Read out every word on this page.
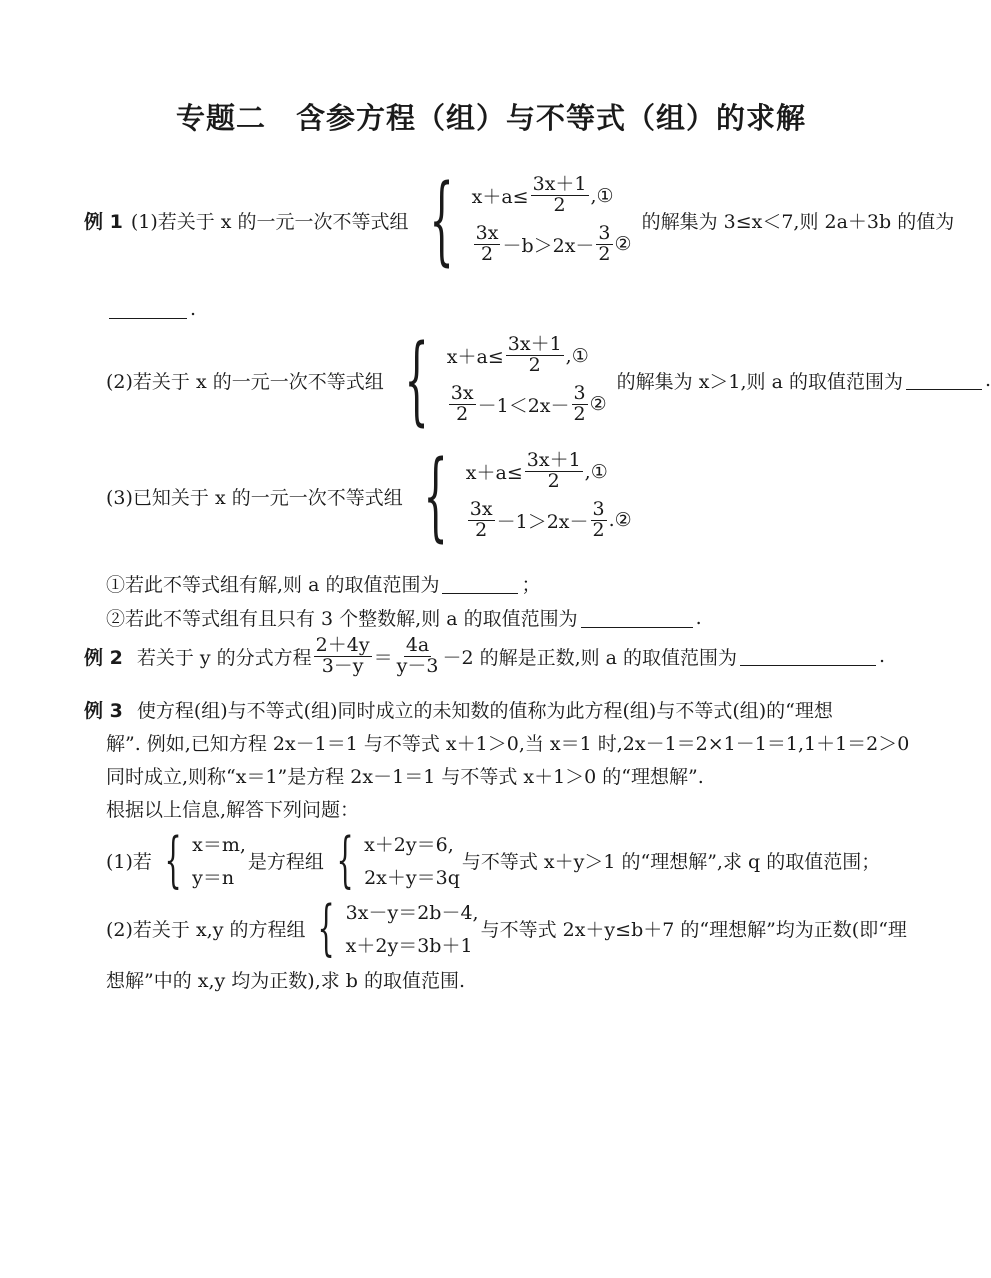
专题二　含参方程（组）与不等式（组）的求解
例 1 (1)若关于 x 的一元一次不等式组 { $x+a\le \frac{3x+1}{2}$ ,①
$\frac{3x}{2} -b>2x- \frac{3}{2}$ ②
的解集为 3≤x＜7,则 2a＋3b 的值为
.
(2)若关于 x 的一元一次不等式组 { $x+a\le \frac{3x+1}{2}$ ,①
$\frac{3x}{2} -1<2x- \frac{3}{2}$ ②
的解集为 x＞1,则 a 的取值范围为	.
(3)已知关于 x 的一元一次不等式组 { $x+a\le \frac{3x+1}{2}$ ,①
$\frac{3x}{2} -1>2x- \frac{3}{2}$ .②
①若此不等式组有解,则 a 的取值范围为	；
②若此不等式组有且只有 3 个整数解,则 a 的取值范围为	.
例 2 若关于 y 的分式方程 $\frac{2+4y}{3-y} = \frac{4a}{y-3} -2$ 的解是正数,则 a 的取值范围为	.
例 3 使方程(组)与不等式(组)同时成立的未知数的值称为此方程(组)与不等式(组)的“理想
解”. 例如,已知方程 2x－1＝1 与不等式 x＋1＞0,当 x＝1 时,2x－1＝2×1－1＝1,1＋1＝2＞0
同时成立,则称“x＝1”是方程 2x－1＝1 与不等式 x＋1＞0 的“理想解”.
根据以上信息,解答下列问题：
(1)若 { x＝m,
y＝n
是方程组 { x＋2y＝6,
2x＋y＝3q
与不等式 x＋y＞1 的“理想解”,求 q 的取值范围；
(2)若关于 x,y 的方程组 { 3x－y＝2b－4,
x＋2y＝3b＋1
与不等式 2x＋y≤b＋7 的“理想解”均为正数(即“理
想解”中的 x,y 均为正数),求 b 的取值范围.
